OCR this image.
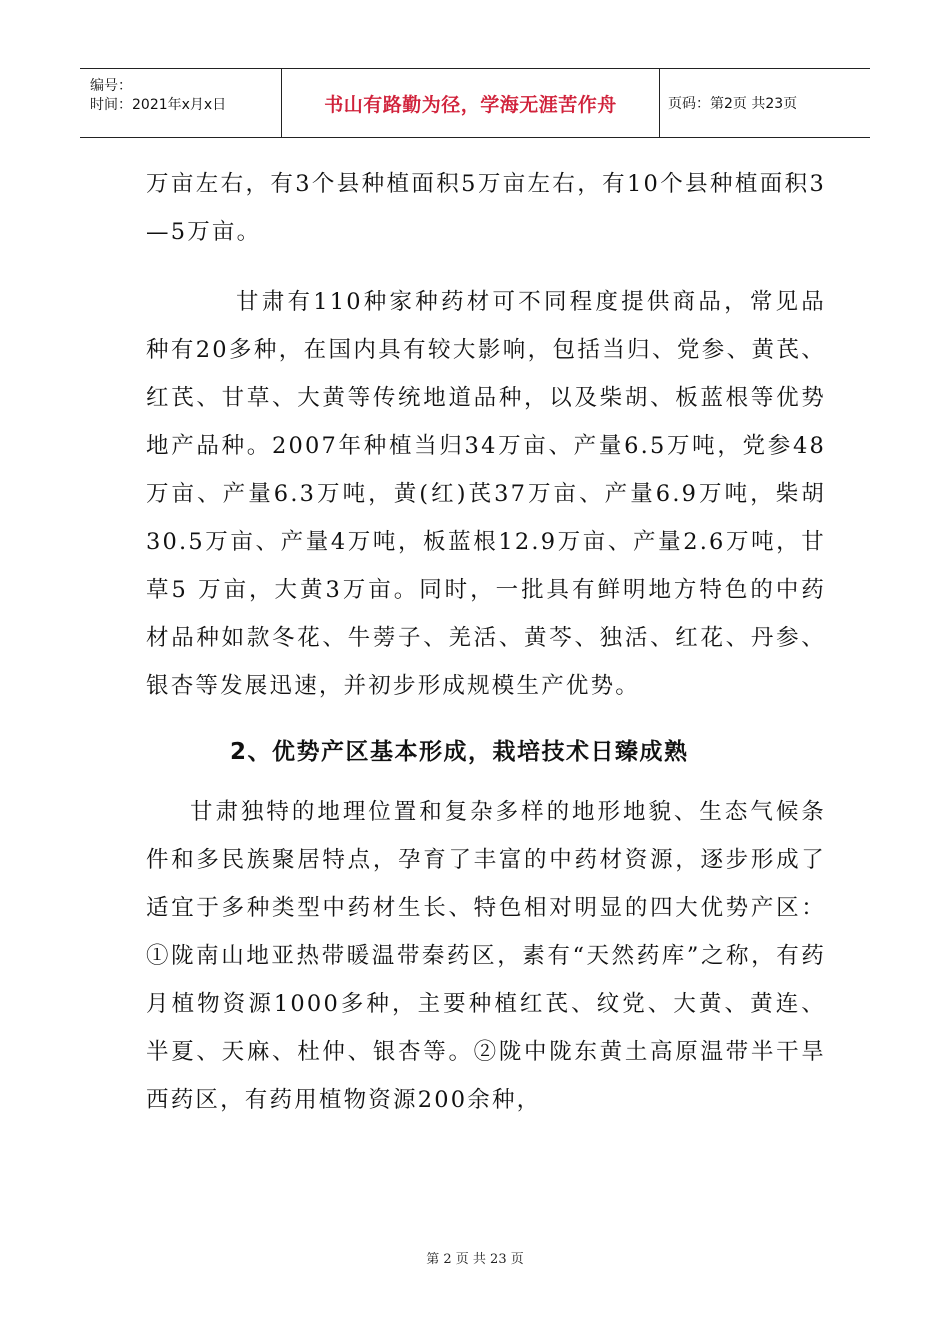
编号：
时间：2021年x月x日	书山有路勤为径，学海无涯苦作舟	页码：第2页 共23页

万亩左右，有3个县种植面积5万亩左右，有10个县种植面积3—5万亩。

甘肃有110种家种药材可不同程度提供商品，常见品种有20多种，在国内具有较大影响，包括当归、党参、黄芪、红芪、甘草、大黄等传统地道品种，以及柴胡、板蓝根等优势地产品种。2007年种植当归34万亩、产量6.5万吨，党参48万亩、产量6.3万吨，黄(红)芪37万亩、产量6.9万吨，柴胡30.5万亩、产量4万吨，板蓝根12.9万亩、产量2.6万吨，甘草5 万亩，大黄3万亩。同时，一批具有鲜明地方特色的中药材品种如款冬花、牛蒡子、羌活、黄芩、独活、红花、丹参、银杏等发展迅速，并初步形成规模生产优势。

2、优势产区基本形成，栽培技术日臻成熟

甘肃独特的地理位置和复杂多样的地形地貌、生态气候条件和多民族聚居特点，孕育了丰富的中药材资源，逐步形成了适宜于多种类型中药材生长、特色相对明显的四大优势产区：①陇南山地亚热带暖温带秦药区，素有“天然药库”之称，有药月植物资源1000多种，主要种植红芪、纹党、大黄、黄连、半夏、天麻、杜仲、银杏等。②陇中陇东黄土高原温带半干旱西药区，有药用植物资源200余种，

第 2 页 共 23 页
